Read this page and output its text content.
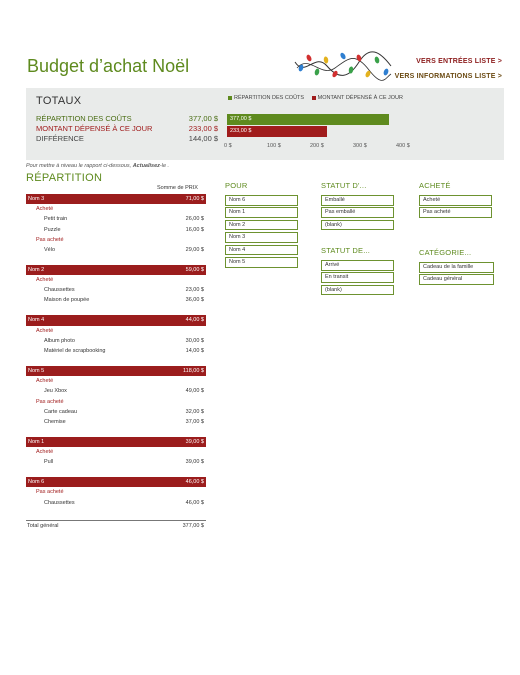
Budget d’achat Noël	VERS ENTRÉES LISTE >
VERS INFORMATIONS LISTE >
TOTAUX
RÉPARTITION DES COÛTS	377,00 $
MONTANT DÉPENSÉ À CE JOUR	233,00 $
DIFFÉRENCE	144,00 $
RÉPARTITION DES COÛTS MONTANT DÉPENSÉ À CE JOUR
377,00 $
233,00 $
0 $	100 $	200 $	300 $	400 $
Pour mettre à niveau le rapport ci-dessous, Actualisez-le .
RÉPARTITION
Somme de PRIX
Nom 3	71,00 $
Acheté
Petit train	26,00 $
Puzzle	16,00 $
Pas acheté
Vélo	29,00 $
Nom 2	59,00 $
Acheté
Chaussettes	23,00 $
Maison de poupée	36,00 $
Nom 4	44,00 $
Acheté
Album photo	30,00 $
Matériel de scrapbooking	14,00 $
Nom 5	118,00 $
Acheté
Jeu Xbox	49,00 $
Pas acheté
Carte cadeau	32,00 $
Chemise	37,00 $
Nom 1	39,00 $
Acheté
Pull	39,00 $
Nom 6	46,00 $
Pas acheté
Chaussettes	46,00 $
Total général	377,00 $
POUR
Nom 6
Nom 1
Nom 2
Nom 3
Nom 4
Nom 5
STATUT D'...
Emballé
Pas emballé
(blank)
ACHETÉ
Acheté
Pas acheté
STATUT DE...
Arrivé
En transit
(blank)
CATÉGORIE...
Cadeau de la famille
Cadeau général
